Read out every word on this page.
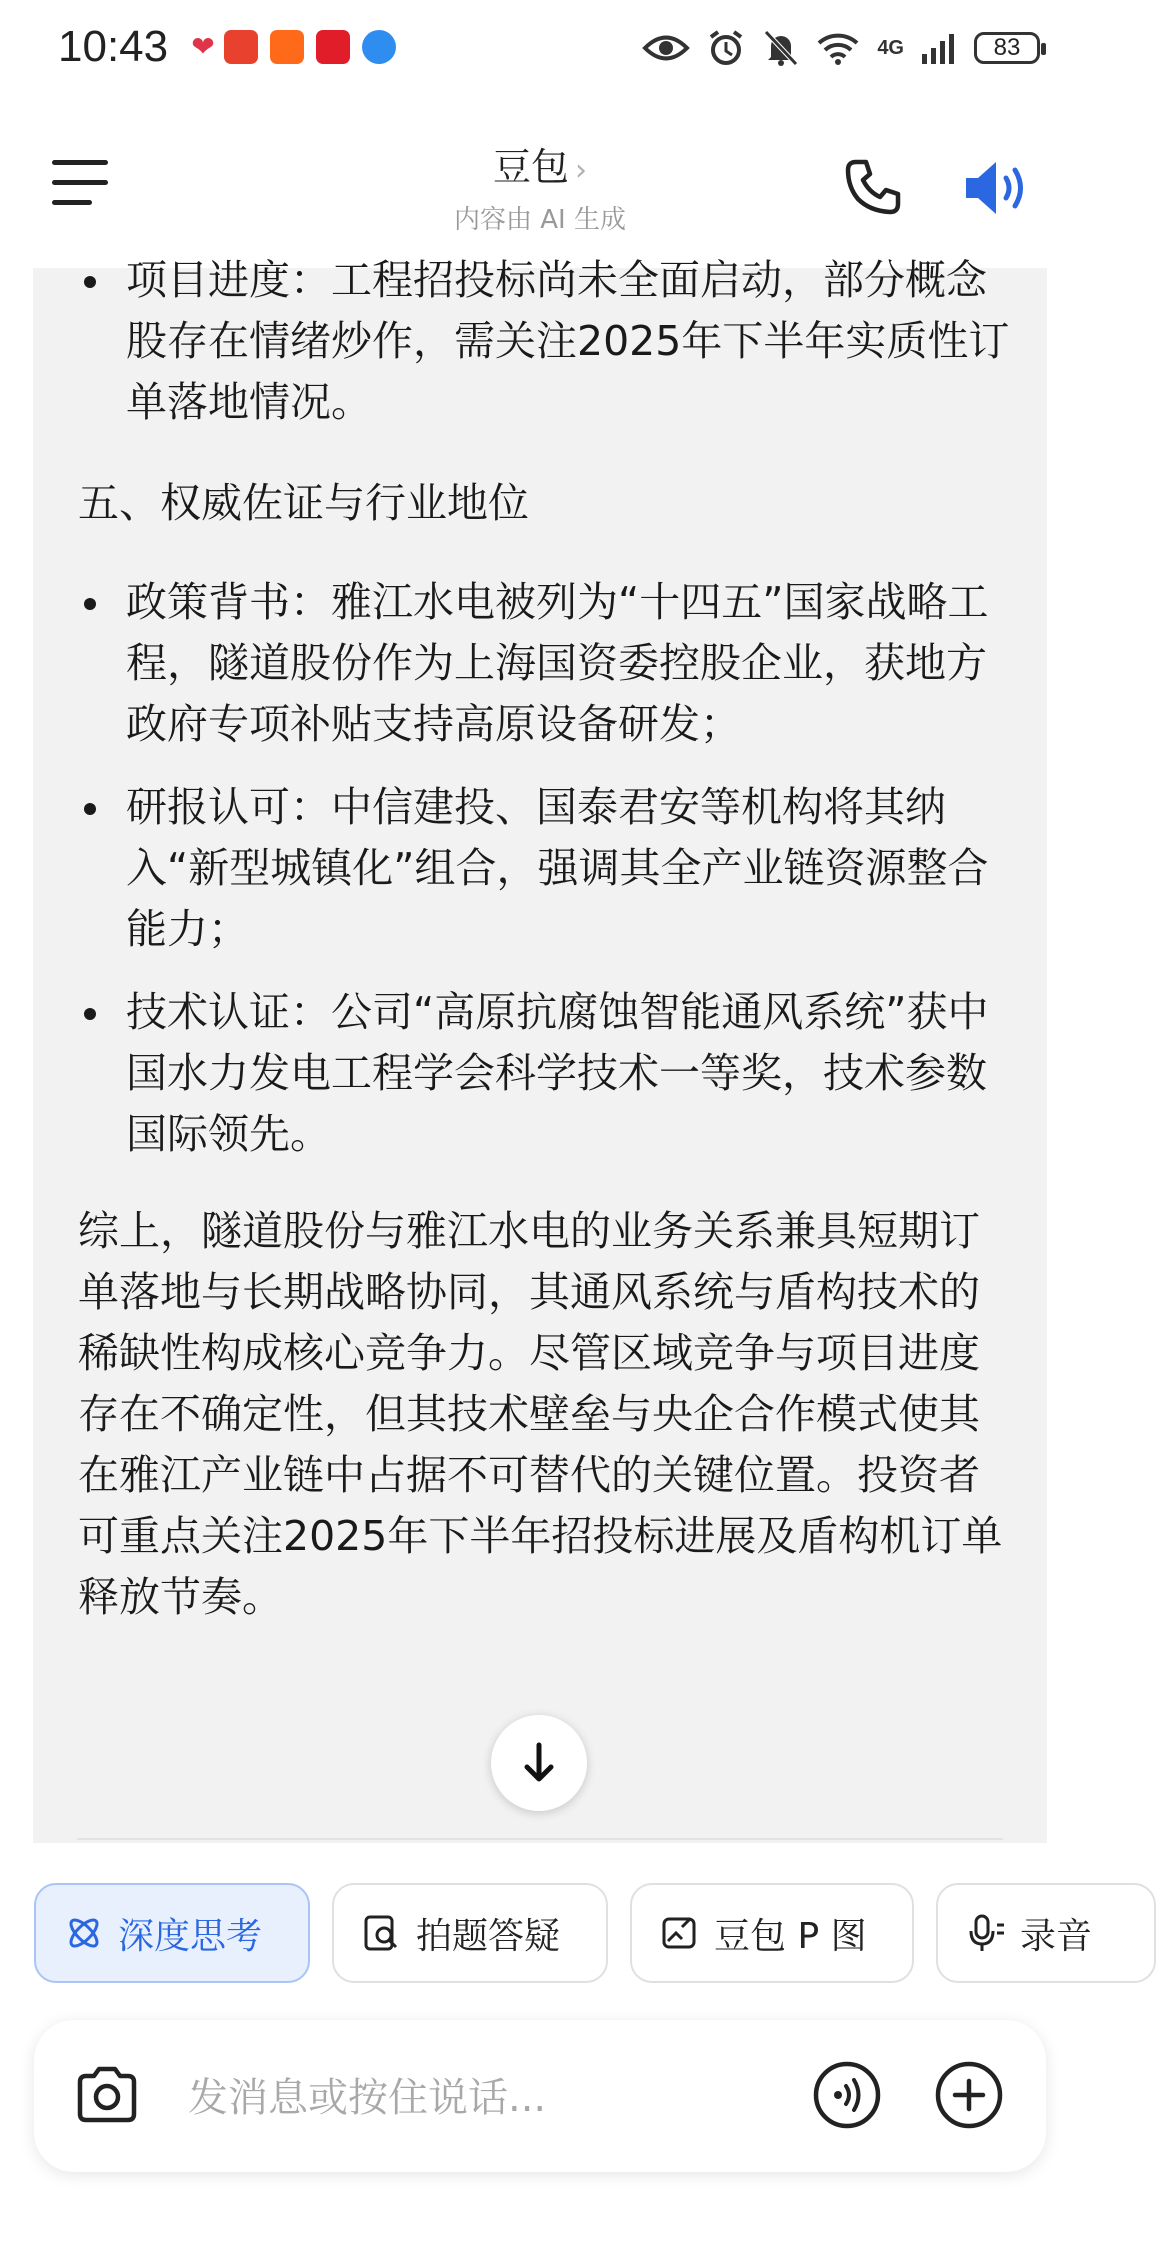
10:43 ❤	4G	83
豆包 ›
内容由 AI 生成
项目进度：工程招投标尚未全面启动，部分概念股存在情绪炒作，需关注2025年下半年实质性订单落地情况。
五、权威佐证与行业地位
政策背书：雅江水电被列为“十四五”国家战略工程，隧道股份作为上海国资委控股企业，获地方政府专项补贴支持高原设备研发；
研报认可：中信建投、国泰君安等机构将其纳入“新型城镇化”组合，强调其全产业链资源整合能力；
技术认证：公司“高原抗腐蚀智能通风系统”获中国水力发电工程学会科学技术一等奖，技术参数国际领先。
综上，隧道股份与雅江水电的业务关系兼具短期订单落地与长期战略协同，其通风系统与盾构技术的稀缺性构成核心竞争力。尽管区域竞争与项目进度存在不确定性，但其技术壁垒与央企合作模式使其在雅江产业链中占据不可替代的关键位置。投资者可重点关注2025年下半年招投标进展及盾构机订单释放节奏。
深度思考	拍题答疑	豆包 P 图	录音
发消息或按住说话...
